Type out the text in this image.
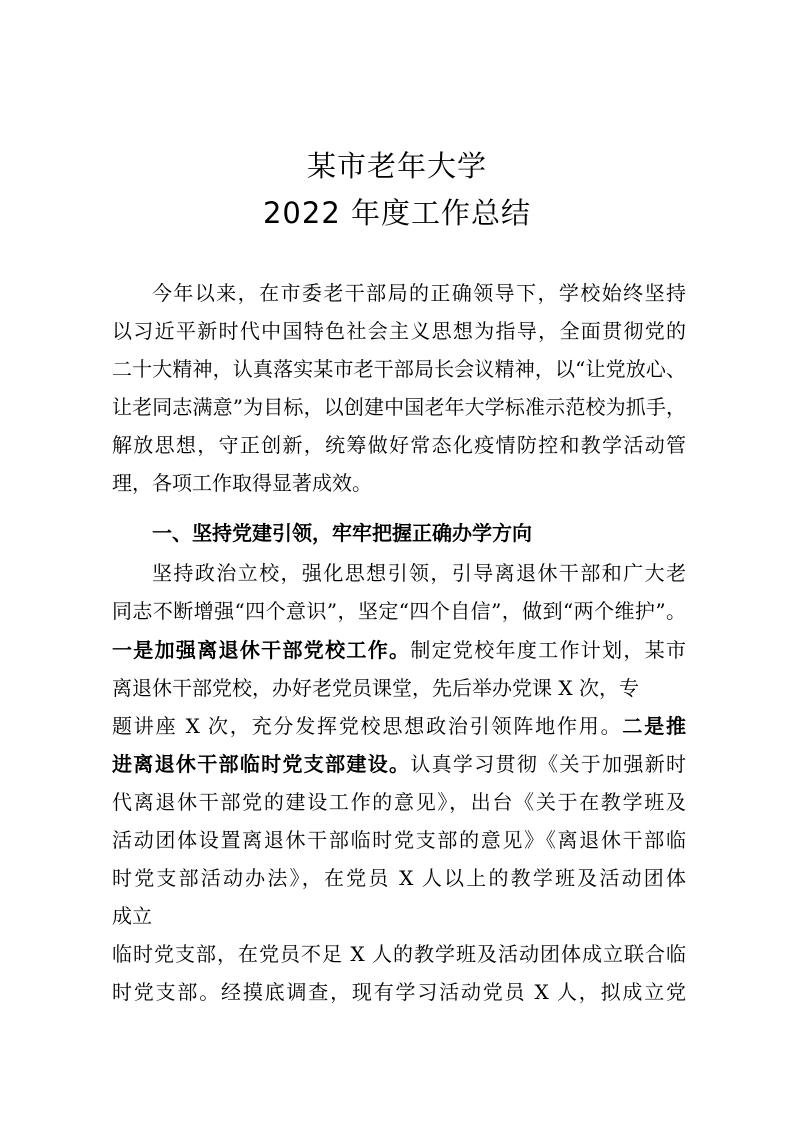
某市老年大学
2022 年度工作总结
今年以来，在市委老干部局的正确领导下，学校始终坚持
以习近平新时代中国特色社会主义思想为指导，全面贯彻党的
二十大精神，认真落实某市老干部局长会议精神，以“让党放心、
让老同志满意”为目标，以创建中国老年大学标准示范校为抓手，
解放思想，守正创新，统筹做好常态化疫情防控和教学活动管
理，各项工作取得显著成效。
一、坚持党建引领，牢牢把握正确办学方向
坚持政治立校，强化思想引领，引导离退休干部和广大老
同志不断增强“四个意识”，坚定“四个自信”，做到“两个维护”。
一是加强离退休干部党校工作。制定党校年度工作计划，某市
离退休干部党校，办好老党员课堂，先后举办党课 X 次，专
题讲座 X 次，充分发挥党校思想政治引领阵地作用。二是推
进离退休干部临时党支部建设。认真学习贯彻《关于加强新时
代离退休干部党的建设工作的意见》，出台《关于在教学班及
活动团体设置离退休干部临时党支部的意见》《离退休干部临
时党支部活动办法》，在党员 X 人以上的教学班及活动团体
成立
临时党支部，在党员不足 X 人的教学班及活动团体成立联合临
时党支部。经摸底调查，现有学习活动党员 X 人，拟成立党
